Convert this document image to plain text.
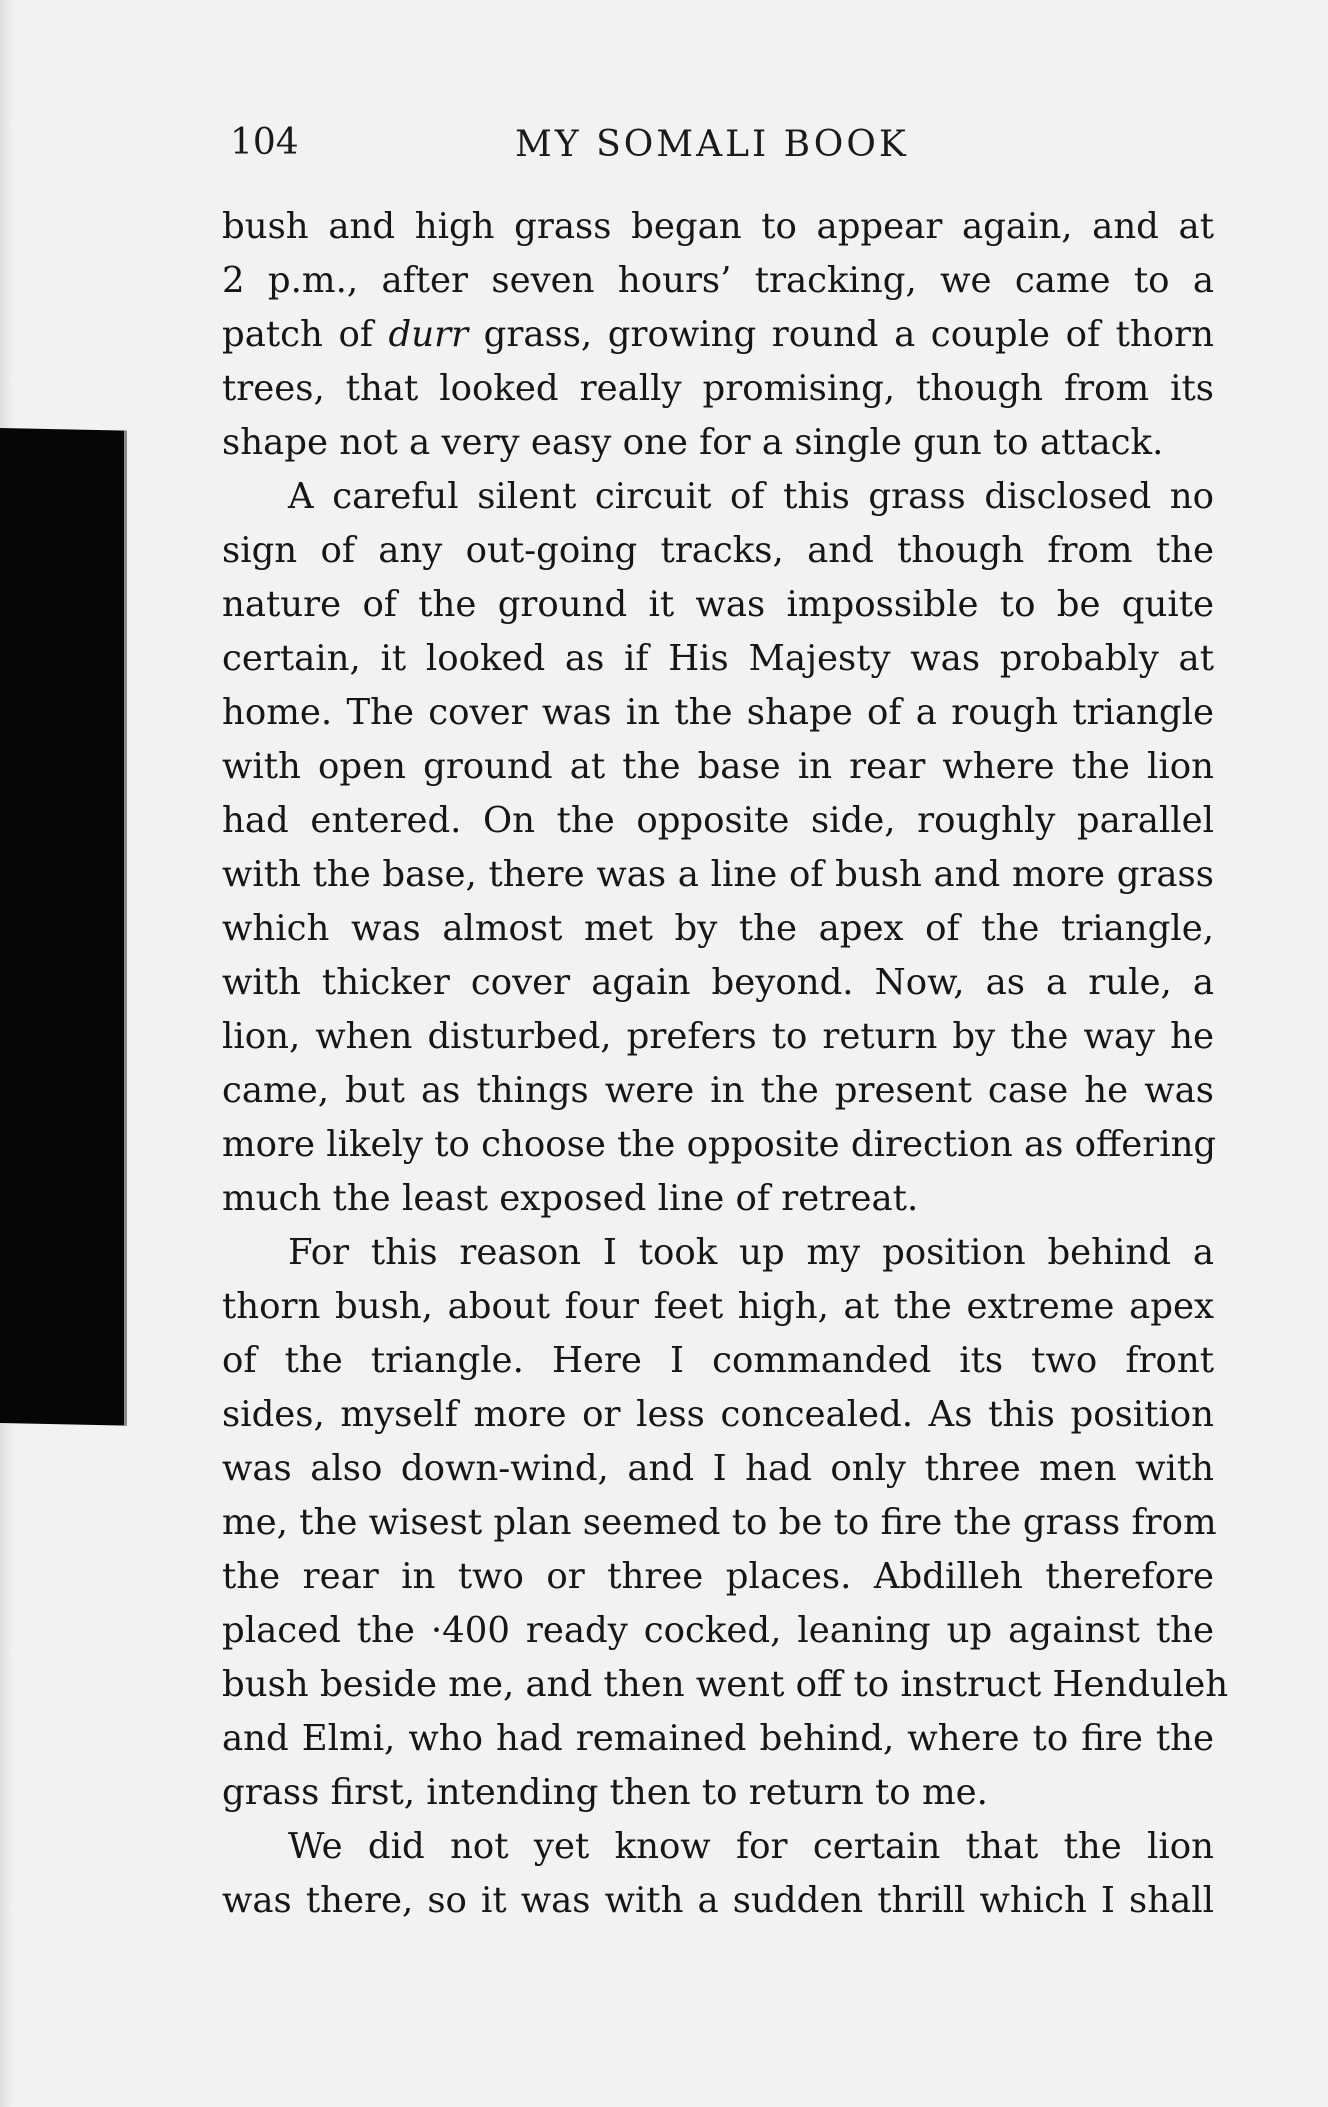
104	MY SOMALI BOOK
bush and high grass began to appear again, and at
2 p.m., after seven hours’ tracking, we came to a
patch of durr grass, growing round a couple of thorn
trees, that looked really promising, though from its
shape not a very easy one for a single gun to attack.
A careful silent circuit of this grass disclosed no
sign of any out-going tracks, and though from the
nature of the ground it was impossible to be quite
certain, it looked as if His Majesty was probably at
home. The cover was in the shape of a rough triangle
with open ground at the base in rear where the lion
had entered. On the opposite side, roughly parallel
with the base, there was a line of bush and more grass
which was almost met by the apex of the triangle,
with thicker cover again beyond. Now, as a rule, a
lion, when disturbed, prefers to return by the way he
came, but as things were in the present case he was
more likely to choose the opposite direction as offering
much the least exposed line of retreat.
For this reason I took up my position behind a
thorn bush, about four feet high, at the extreme apex
of the triangle. Here I commanded its two front
sides, myself more or less concealed. As this position
was also down-wind, and I had only three men with
me, the wisest plan seemed to be to fire the grass from
the rear in two or three places. Abdilleh therefore
placed the ·400 ready cocked, leaning up against the
bush beside me, and then went off to instruct Henduleh
and Elmi, who had remained behind, where to fire the
grass first, intending then to return to me.
We did not yet know for certain that the lion
was there, so it was with a sudden thrill which I shall
